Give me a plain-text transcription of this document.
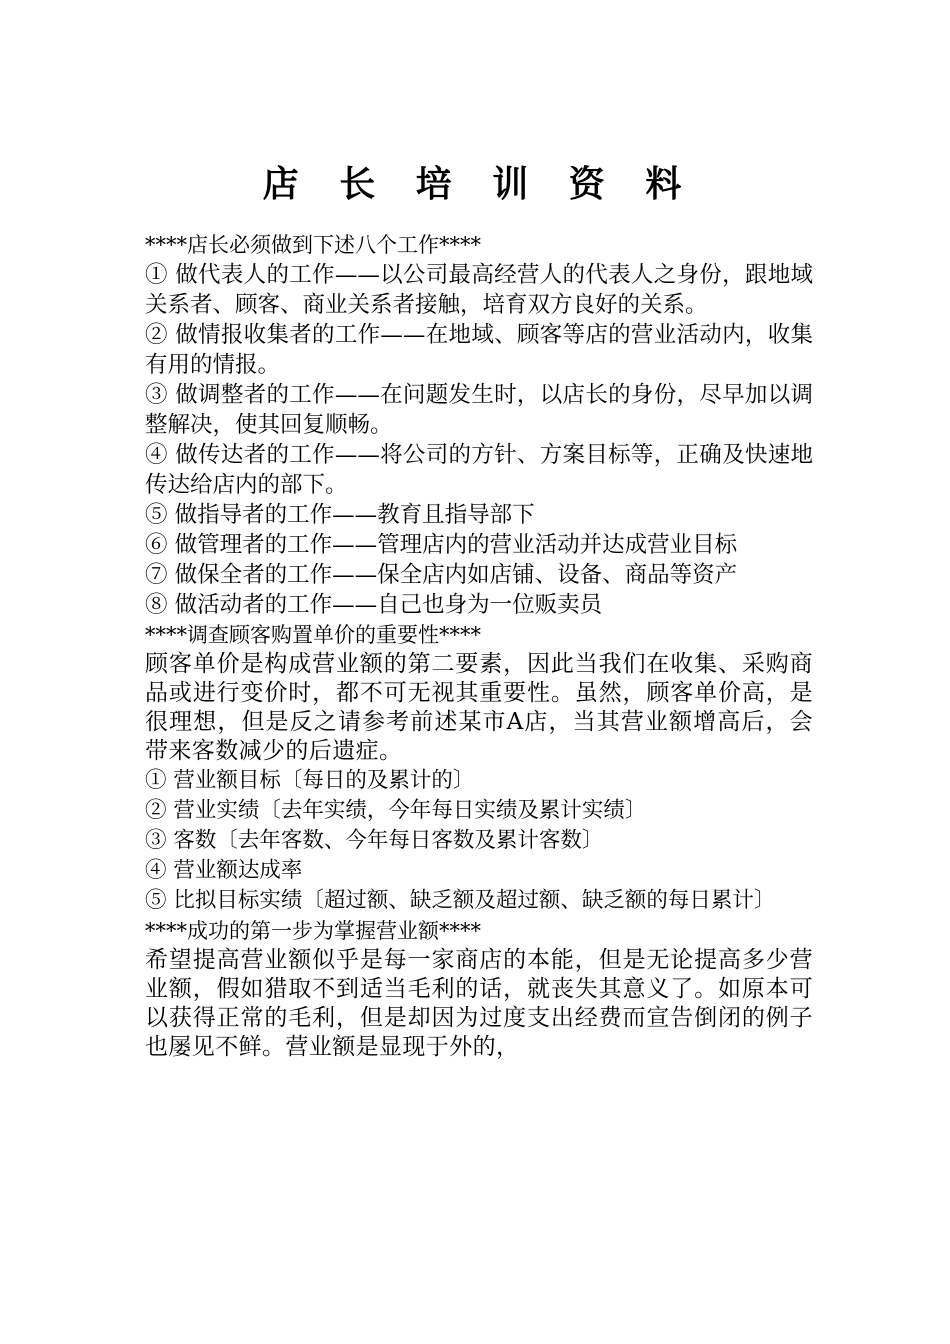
店 长 培 训 资 料

****店长必须做到下述八个工作****

① 做代表人的工作——以公司最高经营人的代表人之身份，跟地域关系者、顾客、商业关系者接触，培育双方良好的关系。

② 做情报收集者的工作——在地域、顾客等店的营业活动内，收集有用的情报。

③ 做调整者的工作——在问题发生时，以店长的身份，尽早加以调整解决，使其回复顺畅。

④ 做传达者的工作——将公司的方针、方案目标等，正确及快速地传达给店内的部下。

⑤ 做指导者的工作——教育且指导部下

⑥ 做管理者的工作——管理店内的营业活动并达成营业目标

⑦ 做保全者的工作——保全店内如店铺、设备、商品等资产

⑧ 做活动者的工作——自己也身为一位贩卖员

****调查顾客购置单价的重要性****

顾客单价是构成营业额的第二要素，因此当我们在收集、采购商品或进行变价时，都不可无视其重要性。虽然，顾客单价高，是很理想，但是反之请参考前述某市A店，当其营业额增高后，会带来客数减少的后遗症。

① 营业额目标〔每日的及累计的〕

② 营业实绩〔去年实绩，今年每日实绩及累计实绩〕

③ 客数〔去年客数、今年每日客数及累计客数〕

④ 营业额达成率

⑤ 比拟目标实绩〔超过额、缺乏额及超过额、缺乏额的每日累计〕

****成功的第一步为掌握营业额****

希望提高营业额似乎是每一家商店的本能，但是无论提高多少营业额，假如猎取不到适当毛利的话，就丧失其意义了。如原本可以获得正常的毛利，但是却因为过度支出经费而宣告倒闭的例子也屡见不鲜。营业额是显现于外的，
